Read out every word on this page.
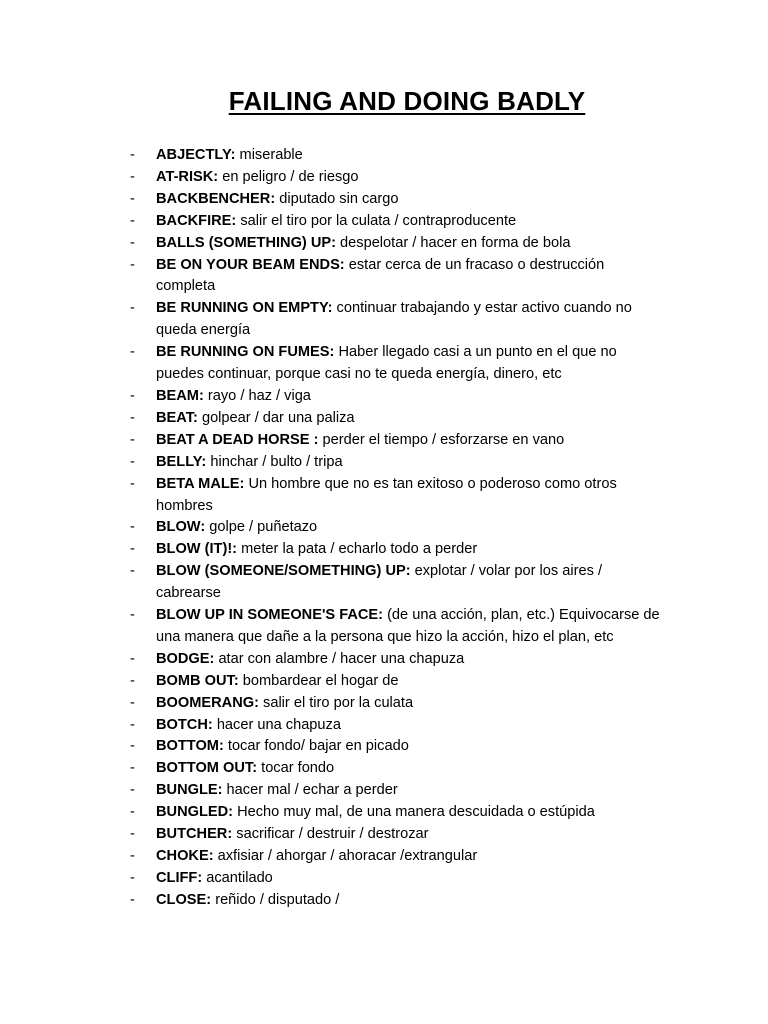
FAILING AND DOING BADLY
-	ABJECTLY: miserable
-	AT-RISK: en peligro / de riesgo
-	BACKBENCHER: diputado sin cargo
-	BACKFIRE: salir el tiro por la culata / contraproducente
-	BALLS (SOMETHING) UP: despelotar / hacer en forma de bola
-	BE ON YOUR BEAM ENDS: estar cerca de un fracaso o destrucción completa
-	BE RUNNING ON EMPTY: continuar trabajando y estar activo cuando no queda energía
-	BE RUNNING ON FUMES: Haber llegado casi a un punto en el que no puedes continuar, porque casi no te queda energía, dinero, etc
-	BEAM: rayo / haz / viga
-	BEAT: golpear / dar una paliza
-	BEAT A DEAD HORSE : perder el tiempo / esforzarse en vano
-	BELLY: hinchar / bulto / tripa
-	BETA MALE: Un hombre que no es tan exitoso o poderoso como otros hombres
-	BLOW: golpe / puñetazo
-	BLOW (IT)!: meter la pata / echarlo todo a perder
-	BLOW (SOMEONE/SOMETHING) UP: explotar / volar por los aires / cabrearse
-	BLOW UP IN SOMEONE'S FACE: (de una acción, plan, etc.) Equivocarse de una manera que dañe a la persona que hizo la acción, hizo el plan, etc
-	BODGE: atar con alambre / hacer una chapuza
-	BOMB OUT: bombardear el hogar de
-	BOOMERANG: salir el tiro por la culata
-	BOTCH: hacer una chapuza
-	BOTTOM: tocar fondo/ bajar en picado
-	BOTTOM OUT: tocar fondo
-	BUNGLE: hacer mal / echar a perder
-	BUNGLED: Hecho muy mal, de una manera descuidada o estúpida
-	BUTCHER: sacrificar / destruir / destrozar
-	CHOKE: axfisiar / ahorgar / ahoracar /extrangular
-	CLIFF: acantilado
-	CLOSE: reñido / disputado /
